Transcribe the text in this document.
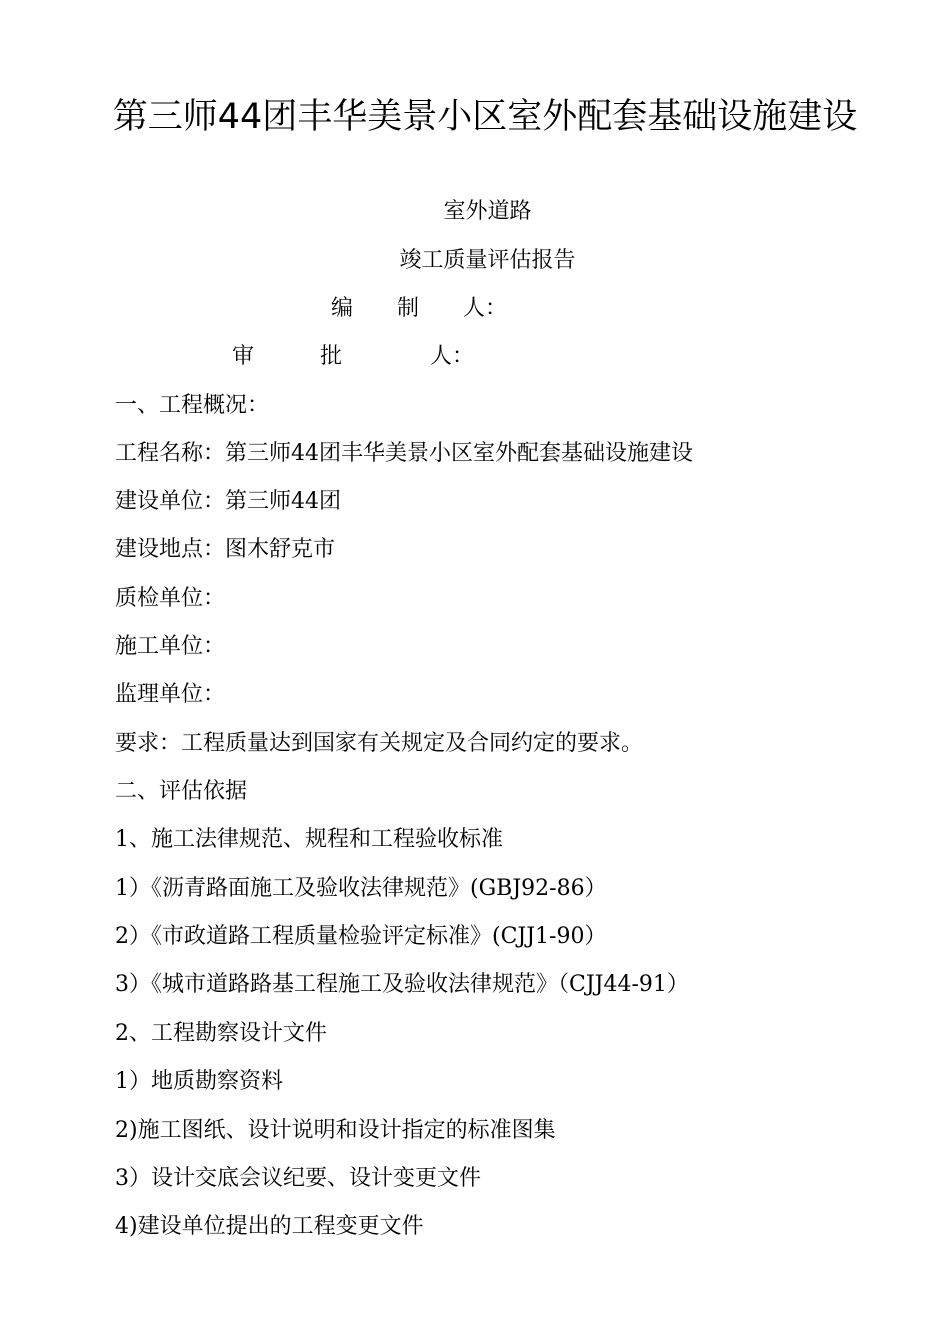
第三师44团丰华美景小区室外配套基础设施建设
室外道路
竣工质量评估报告
编　　制　　人：
审　　　批　　　　人：
一、工程概况：
工程名称：第三师44团丰华美景小区室外配套基础设施建设
建设单位：第三师44团
建设地点：图木舒克市
质检单位：
施工单位：
监理单位：
要求：工程质量达到国家有关规定及合同约定的要求。
二、评估依据
1、施工法律规范、规程和工程验收标准
1）《沥青路面施工及验收法律规范》(GBJ92-86）
2）《市政道路工程质量检验评定标准》(CJJ1-90）
3）《城市道路路基工程施工及验收法律规范》（CJJ44-91）
2、工程勘察设计文件
1）地质勘察资料
2)施工图纸、设计说明和设计指定的标准图集
3）设计交底会议纪要、设计变更文件
4)建设单位提出的工程变更文件
